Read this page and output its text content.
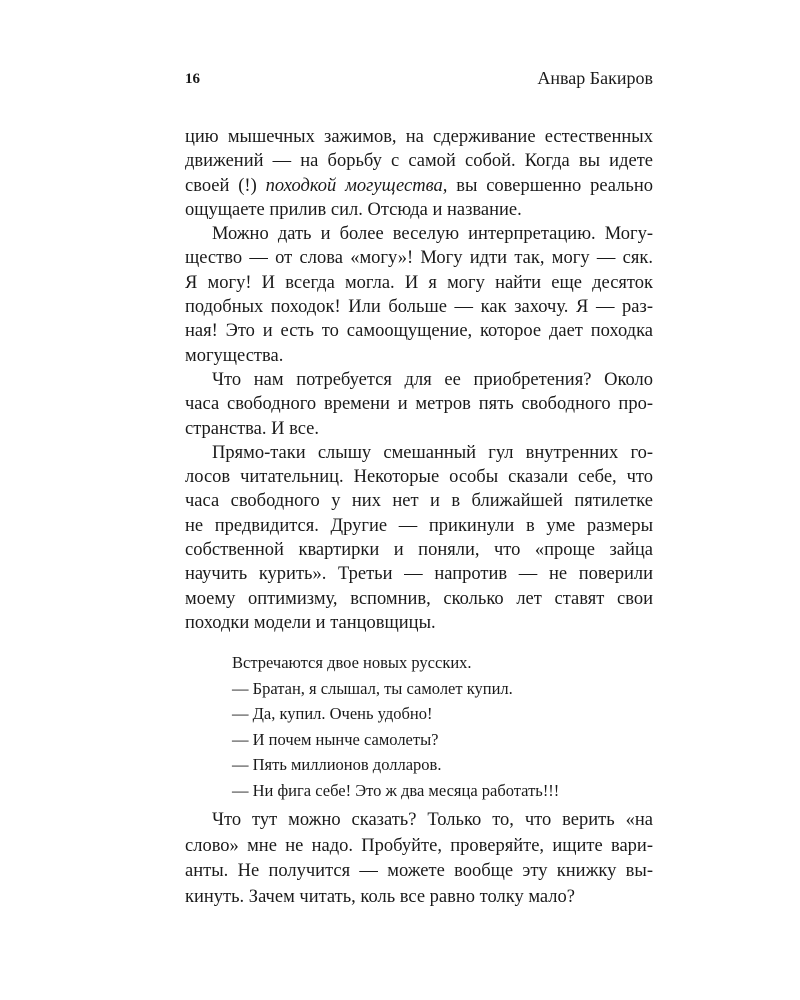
16	Анвар Бакиров
цию мышечных зажимов, на сдерживание естественных
движений — на борьбу с самой собой. Когда вы идете
своей (!) походкой могущества, вы совершенно реально
ощущаете прилив сил. Отсюда и название.
Можно дать и более веселую интерпретацию. Могу-
щество — от слова «могу»! Могу идти так, могу — сяк.
Я могу! И всегда могла. И я могу найти еще десяток
подобных походок! Или больше — как захочу. Я — раз-
ная! Это и есть то самоощущение, которое дает походка
могущества.
Что нам потребуется для ее приобретения? Около
часа свободного времени и метров пять свободного про-
странства. И все.
Прямо-таки слышу смешанный гул внутренних го-
лосов читательниц. Некоторые особы сказали себе, что
часа свободного у них нет и в ближайшей пятилетке
не предвидится. Другие — прикинули в уме размеры
собственной квартирки и поняли, что «проще зайца
научить курить». Третьи — напротив — не поверили
моему оптимизму, вспомнив, сколько лет ставят свои
походки модели и танцовщицы.
Встречаются двое новых русских.
— Братан, я слышал, ты самолет купил.
— Да, купил. Очень удобно!
— И почем нынче самолеты?
— Пять миллионов долларов.
— Ни фига себе! Это ж два месяца работать!!!
Что тут можно сказать? Только то, что верить «на
слово» мне не надо. Пробуйте, проверяйте, ищите вари-
анты. Не получится — можете вообще эту книжку вы-
кинуть. Зачем читать, коль все равно толку мало?
